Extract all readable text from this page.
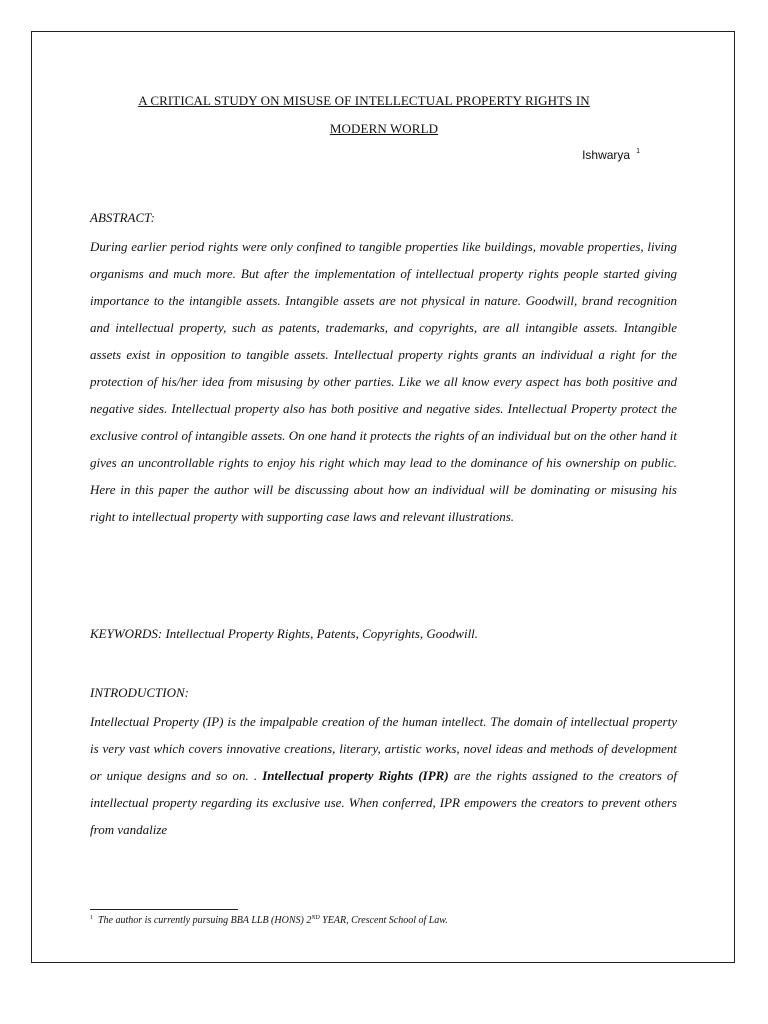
A CRITICAL STUDY ON MISUSE OF INTELLECTUAL PROPERTY RIGHTS IN
MODERN WORLD
Ishwarya $^1$
ABSTRACT:

During earlier period rights were only confined to tangible properties like buildings, movable properties, living organisms and much more. But after the implementation of intellectual property rights people started giving importance to the intangible assets. Intangible assets are not physical in nature. Goodwill, brand recognition and intellectual property, such as patents, trademarks, and copyrights, are all intangible assets. Intangible assets exist in opposition to tangible assets. Intellectual property rights grants an individual a right for the protection of his/her idea from misusing by other parties. Like we all know every aspect has both positive and negative sides. Intellectual property also has both positive and negative sides. Intellectual Property protect the exclusive control of intangible assets. On one hand it protects the rights of an individual but on the other hand it gives an uncontrollable rights to enjoy his right which may lead to the dominance of his ownership on public. Here in this paper the author will be discussing about how an individual will be dominating or misusing his right to intellectual property with supporting case laws and relevant illustrations.

KEYWORDS: Intellectual Property Rights, Patents, Copyrights, Goodwill.
INTRODUCTION:

Intellectual Property (IP) is the impalpable creation of the human intellect. The domain of intellectual property is very vast which covers innovative creations, literary, artistic works, novel ideas and methods of development or unique designs and so on. . Intellectual property Rights (IPR) are the rights assigned to the creators of intellectual property regarding its exclusive use. When conferred, IPR empowers the creators to prevent others from vandalize

$^1$ The author is currently pursuing BBA LLB (HONS) 2ND YEAR, Crescent School of Law.
